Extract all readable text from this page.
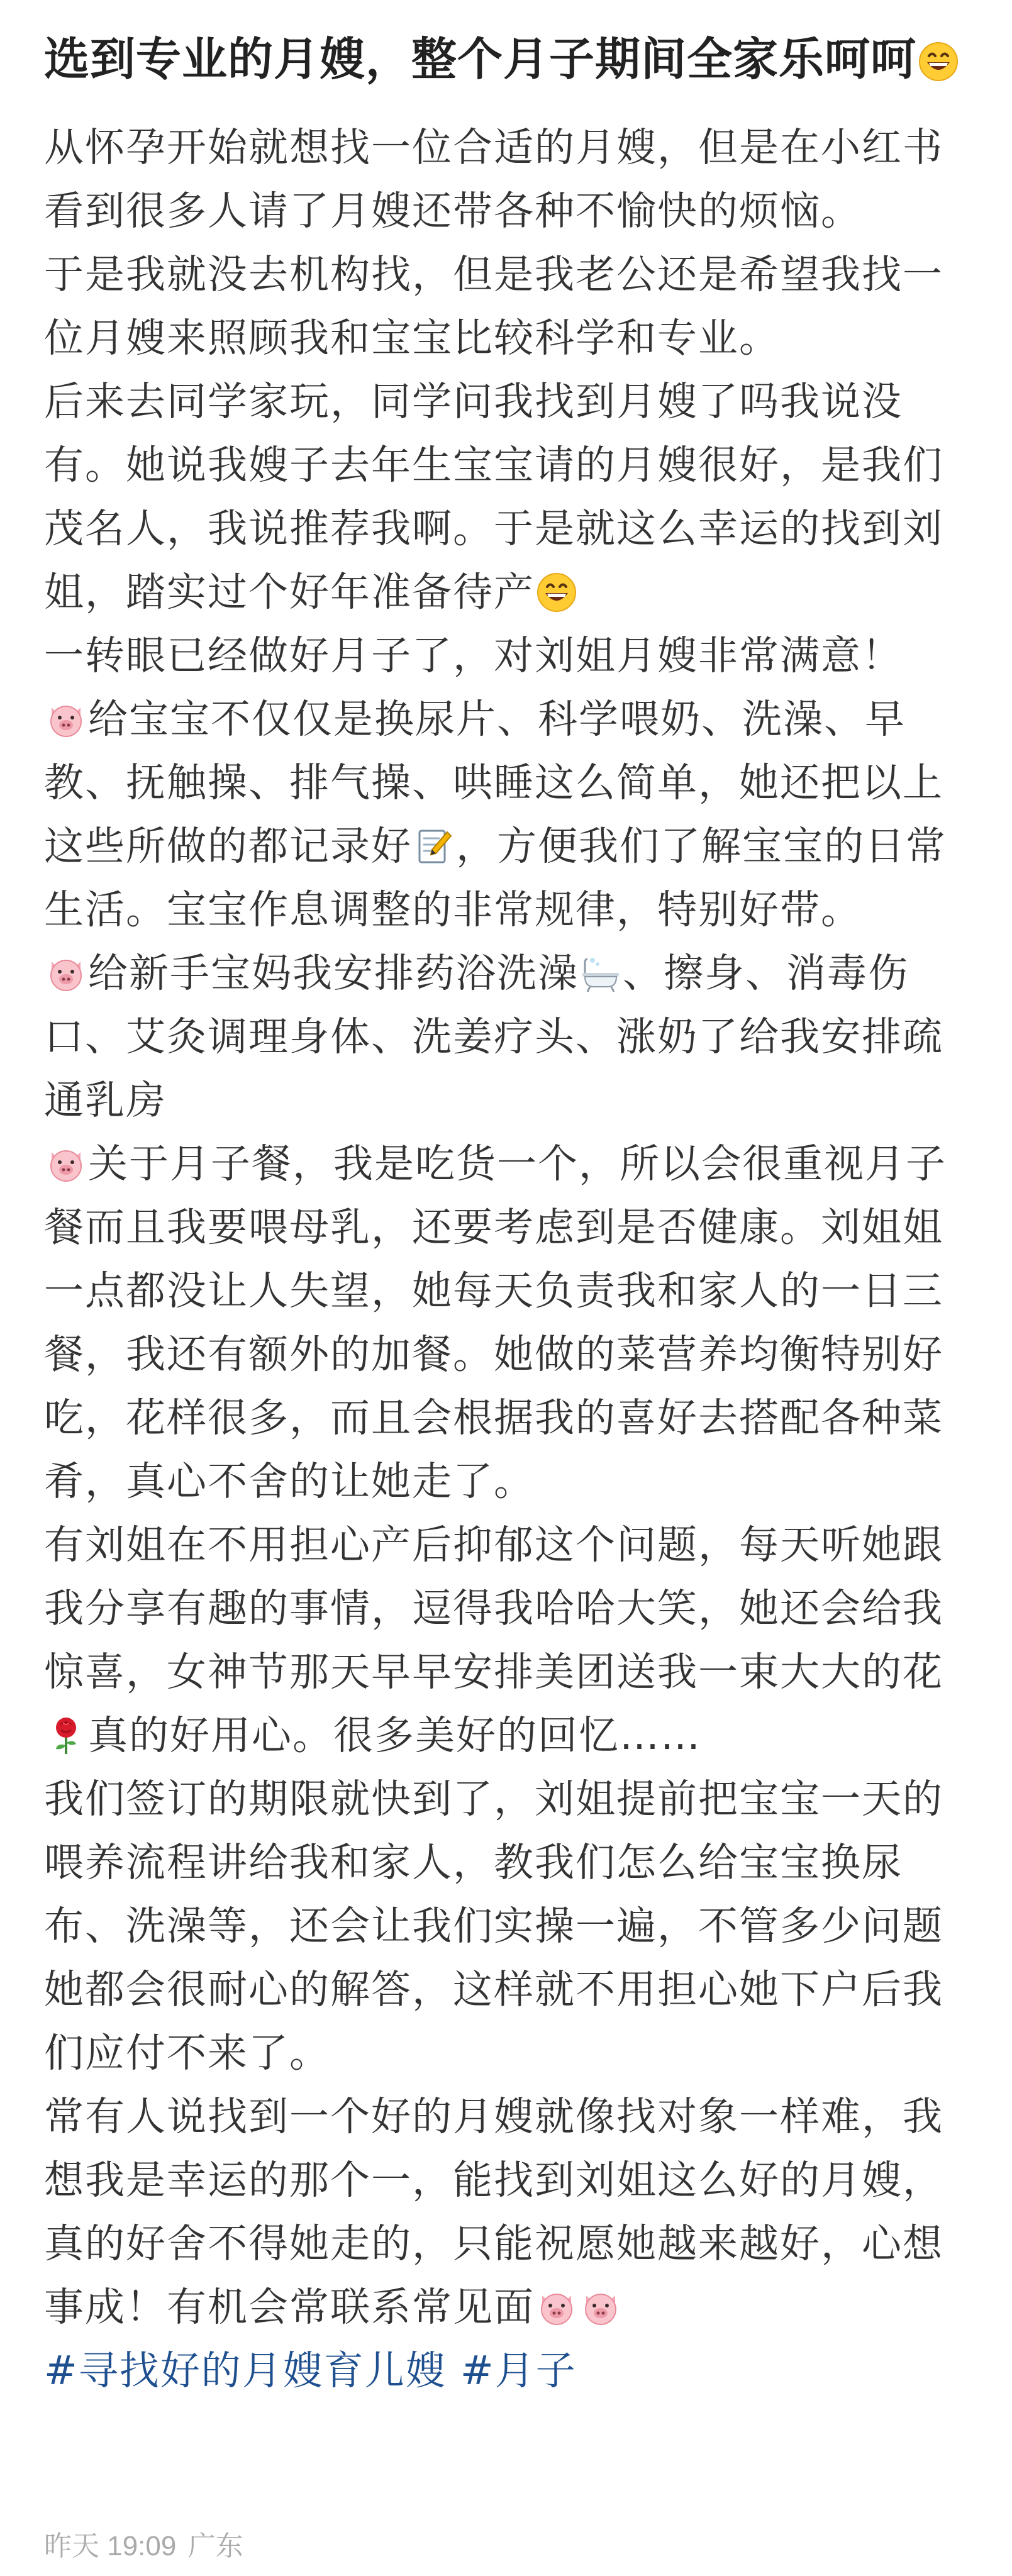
选到专业的月嫂，整个月子期间全家乐呵呵

从怀孕开始就想找一位合适的月嫂，但是在小红书看到很多人请了月嫂还带各种不愉快的烦恼。

于是我就没去机构找，但是我老公还是希望我找一位月嫂来照顾我和宝宝比较科学和专业。

后来去同学家玩，同学问我找到月嫂了吗我说没有。她说我嫂子去年生宝宝请的月嫂很好，是我们茂名人，我说推荐我啊。于是就这么幸运的找到刘姐，踏实过个好年准备待产

一转眼已经做好月子了，对刘姐月嫂非常满意！

给宝宝不仅仅是换尿片、科学喂奶、洗澡、早教、抚触操、排气操、哄睡这么简单，她还把以上这些所做的都记录好 ，方便我们了解宝宝的日常生活。宝宝作息调整的非常规律，特别好带。

给新手宝妈我安排药浴洗澡 、擦身、消毒伤口、艾灸调理身体、洗姜疗头、涨奶了给我安排疏通乳房

关于月子餐，我是吃货一个，所以会很重视月子餐而且我要喂母乳，还要考虑到是否健康。刘姐姐一点都没让人失望，她每天负责我和家人的一日三餐，我还有额外的加餐。她做的菜营养均衡特别好吃，花样很多，而且会根据我的喜好去搭配各种菜肴，真心不舍的让她走了。

有刘姐在不用担心产后抑郁这个问题，每天听她跟我分享有趣的事情，逗得我哈哈大笑，她还会给我惊喜，女神节那天早早安排美团送我一束大大的花
真的好用心。很多美好的回忆……

我们签订的期限就快到了，刘姐提前把宝宝一天的喂养流程讲给我和家人，教我们怎么给宝宝换尿布、洗澡等，还会让我们实操一遍，不管多少问题她都会很耐心的解答，这样就不用担心她下户后我们应付不来了。

常有人说找到一个好的月嫂就像找对象一样难，我想我是幸运的那个一，能找到刘姐这么好的月嫂，真的好舍不得她走的，只能祝愿她越来越好，心想事成！有机会常联系常见面
#寻找好的月嫂育儿嫂 #月子

昨天 19:09 广东
